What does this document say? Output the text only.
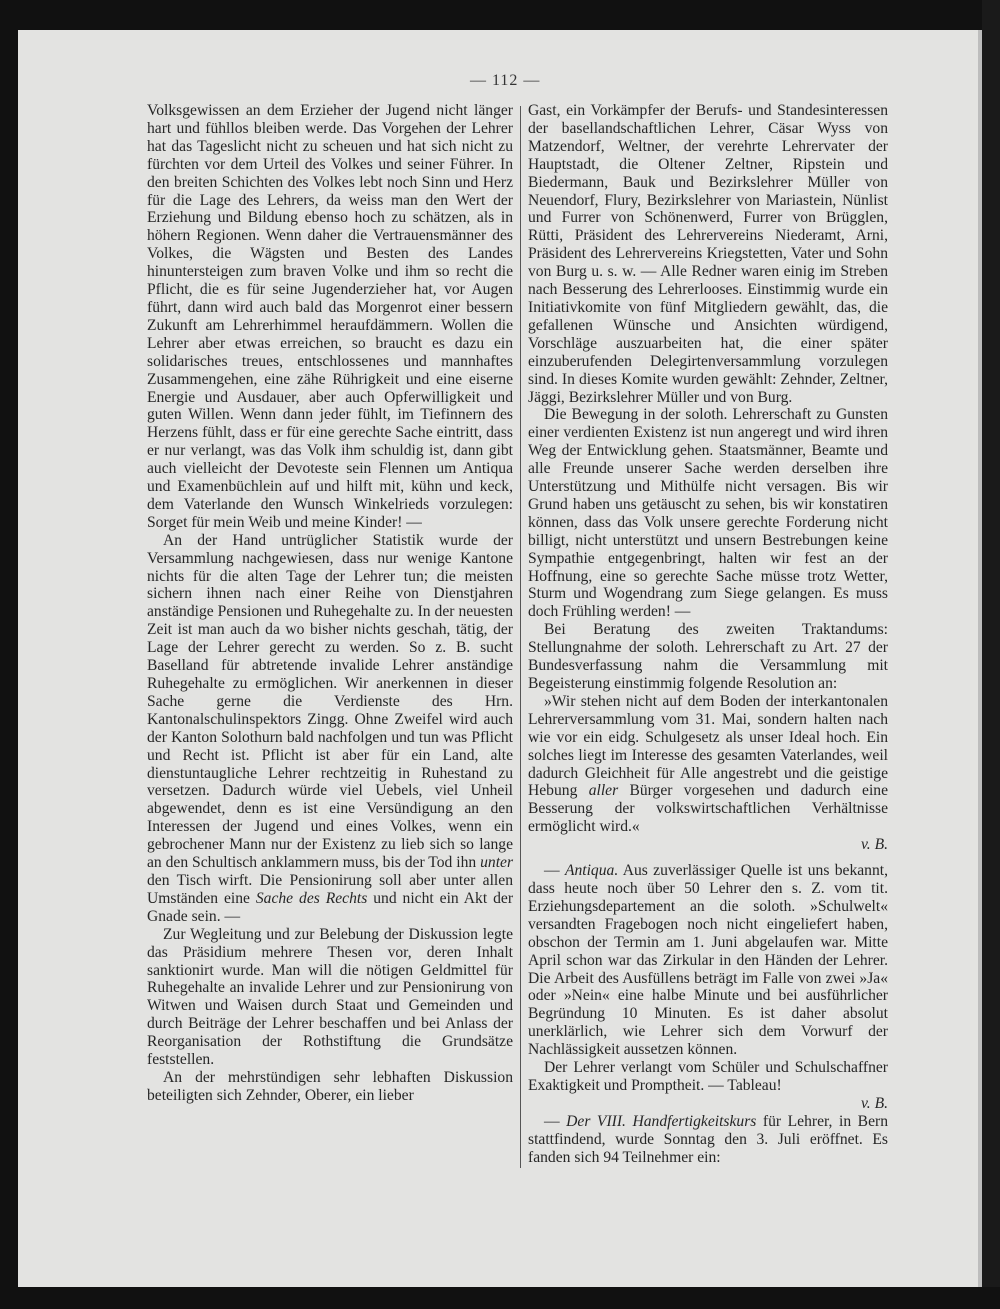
— 112 —

Volksgewissen an dem Erzieher der Jugend nicht länger hart und fühllos bleiben werde. Das Vorgehen der Lehrer hat das Tageslicht nicht zu scheuen und hat sich nicht zu fürchten vor dem Urteil des Volkes und seiner Führer. In den breiten Schichten des Volkes lebt noch Sinn und Herz für die Lage des Lehrers, da weiss man den Wert der Erziehung und Bildung ebenso hoch zu schätzen, als in höhern Regionen. Wenn daher die Vertrauensmänner des Volkes, die Wägsten und Besten des Landes hinuntersteigen zum braven Volke und ihm so recht die Pflicht, die es für seine Jugenderzieher hat, vor Augen führt, dann wird auch bald das Morgenrot einer bessern Zukunft am Lehrerhimmel heraufdämmern. Wollen die Lehrer aber etwas erreichen, so braucht es dazu ein solidarisches treues, entschlossenes und mannhaftes Zusammengehen, eine zähe Rührigkeit und eine eiserne Energie und Ausdauer, aber auch Opferwilligkeit und guten Willen. Wenn dann jeder fühlt, im Tiefinnern des Herzens fühlt, dass er für eine gerechte Sache eintritt, dass er nur verlangt, was das Volk ihm schuldig ist, dann gibt auch vielleicht der Devoteste sein Flennen um Antiqua und Examenbüchlein auf und hilft mit, kühn und keck, dem Vaterlande den Wunsch Winkelrieds vorzulegen: Sorget für mein Weib und meine Kinder! —

An der Hand untrüglicher Statistik wurde der Versammlung nachgewiesen, dass nur wenige Kantone nichts für die alten Tage der Lehrer tun; die meisten sichern ihnen nach einer Reihe von Dienstjahren anständige Pensionen und Ruhegehalte zu. In der neuesten Zeit ist man auch da wo bisher nichts geschah, tätig, der Lage der Lehrer gerecht zu werden. So z. B. sucht Baselland für abtretende invalide Lehrer anständige Ruhegehalte zu ermöglichen. Wir anerkennen in dieser Sache gerne die Verdienste des Hrn. Kantonalschulinspektors Zingg. Ohne Zweifel wird auch der Kanton Solothurn bald nachfolgen und tun was Pflicht und Recht ist. Pflicht ist aber für ein Land, alte dienstuntaugliche Lehrer rechtzeitig in Ruhestand zu versetzen. Dadurch würde viel Uebels, viel Unheil abgewendet, denn es ist eine Versündigung an den Interessen der Jugend und eines Volkes, wenn ein gebrochener Mann nur der Existenz zu lieb sich so lange an den Schultisch anklammern muss, bis der Tod ihn unter den Tisch wirft. Die Pensionirung soll aber unter allen Umständen eine Sache des Rechts und nicht ein Akt der Gnade sein. —

Zur Wegleitung und zur Belebung der Diskussion legte das Präsidium mehrere Thesen vor, deren Inhalt sanktionirt wurde. Man will die nötigen Geldmittel für Ruhegehalte an invalide Lehrer und zur Pensionirung von Witwen und Waisen durch Staat und Gemeinden und durch Beiträge der Lehrer beschaffen und bei Anlass der Reorganisation der Rothstiftung die Grundsätze feststellen.

An der mehrstündigen sehr lebhaften Diskussion beteiligten sich Zehnder, Oberer, ein lieber

Gast, ein Vorkämpfer der Berufs- und Standesinteressen der basellandschaftlichen Lehrer, Cäsar Wyss von Matzendorf, Weltner, der verehrte Lehrervater der Hauptstadt, die Oltener Zeltner, Ripstein und Biedermann, Bauk und Bezirkslehrer Müller von Neuendorf, Flury, Bezirkslehrer von Mariastein, Nünlist und Furrer von Schönenwerd, Furrer von Brügglen, Rütti, Präsident des Lehrervereins Niederamt, Arni, Präsident des Lehrervereins Kriegstetten, Vater und Sohn von Burg u. s. w. — Alle Redner waren einig im Streben nach Besserung des Lehrerlooses. Einstimmig wurde ein Initiativkomite von fünf Mitgliedern gewählt, das, die gefallenen Wünsche und Ansichten würdigend, Vorschläge auszuarbeiten hat, die einer später einzuberufenden Delegirtenversammlung vorzulegen sind. In dieses Komite wurden gewählt: Zehnder, Zeltner, Jäggi, Bezirkslehrer Müller und von Burg.

Die Bewegung in der soloth. Lehrerschaft zu Gunsten einer verdienten Existenz ist nun angeregt und wird ihren Weg der Entwicklung gehen. Staatsmänner, Beamte und alle Freunde unserer Sache werden derselben ihre Unterstützung und Mithülfe nicht versagen. Bis wir Grund haben uns getäuscht zu sehen, bis wir konstatiren können, dass das Volk unsere gerechte Forderung nicht billigt, nicht unterstützt und unsern Bestrebungen keine Sympathie entgegenbringt, halten wir fest an der Hoffnung, eine so gerechte Sache müsse trotz Wetter, Sturm und Wogendrang zum Siege gelangen. Es muss doch Frühling werden! —

Bei Beratung des zweiten Traktandums: Stellungnahme der soloth. Lehrerschaft zu Art. 27 der Bundesverfassung nahm die Versammlung mit Begeisterung einstimmig folgende Resolution an:

»Wir stehen nicht auf dem Boden der interkantonalen Lehrerversammlung vom 31. Mai, sondern halten nach wie vor ein eidg. Schulgesetz als unser Ideal hoch. Ein solches liegt im Interesse des gesamten Vaterlandes, weil dadurch Gleichheit für Alle angestrebt und die geistige Hebung aller Bürger vorgesehen und dadurch eine Besserung der volkswirtschaftlichen Verhältnisse ermöglicht wird.«

v. B.

— Antiqua. Aus zuverlässiger Quelle ist uns bekannt, dass heute noch über 50 Lehrer den s. Z. vom tit. Erziehungsdepartement an die soloth. »Schulwelt« versandten Fragebogen noch nicht eingeliefert haben, obschon der Termin am 1. Juni abgelaufen war. Mitte April schon war das Zirkular in den Händen der Lehrer. Die Arbeit des Ausfüllens beträgt im Falle von zwei »Ja« oder »Nein« eine halbe Minute und bei ausführlicher Begründung 10 Minuten. Es ist daher absolut unerklärlich, wie Lehrer sich dem Vorwurf der Nachlässigkeit aussetzen können.

Der Lehrer verlangt vom Schüler und Schulschaffner Exaktigkeit und Promptheit. — Tableau!

v. B.

— Der VIII. Handfertigkeitskurs für Lehrer, in Bern stattfindend, wurde Sonntag den 3. Juli eröffnet. Es fanden sich 94 Teilnehmer ein:
